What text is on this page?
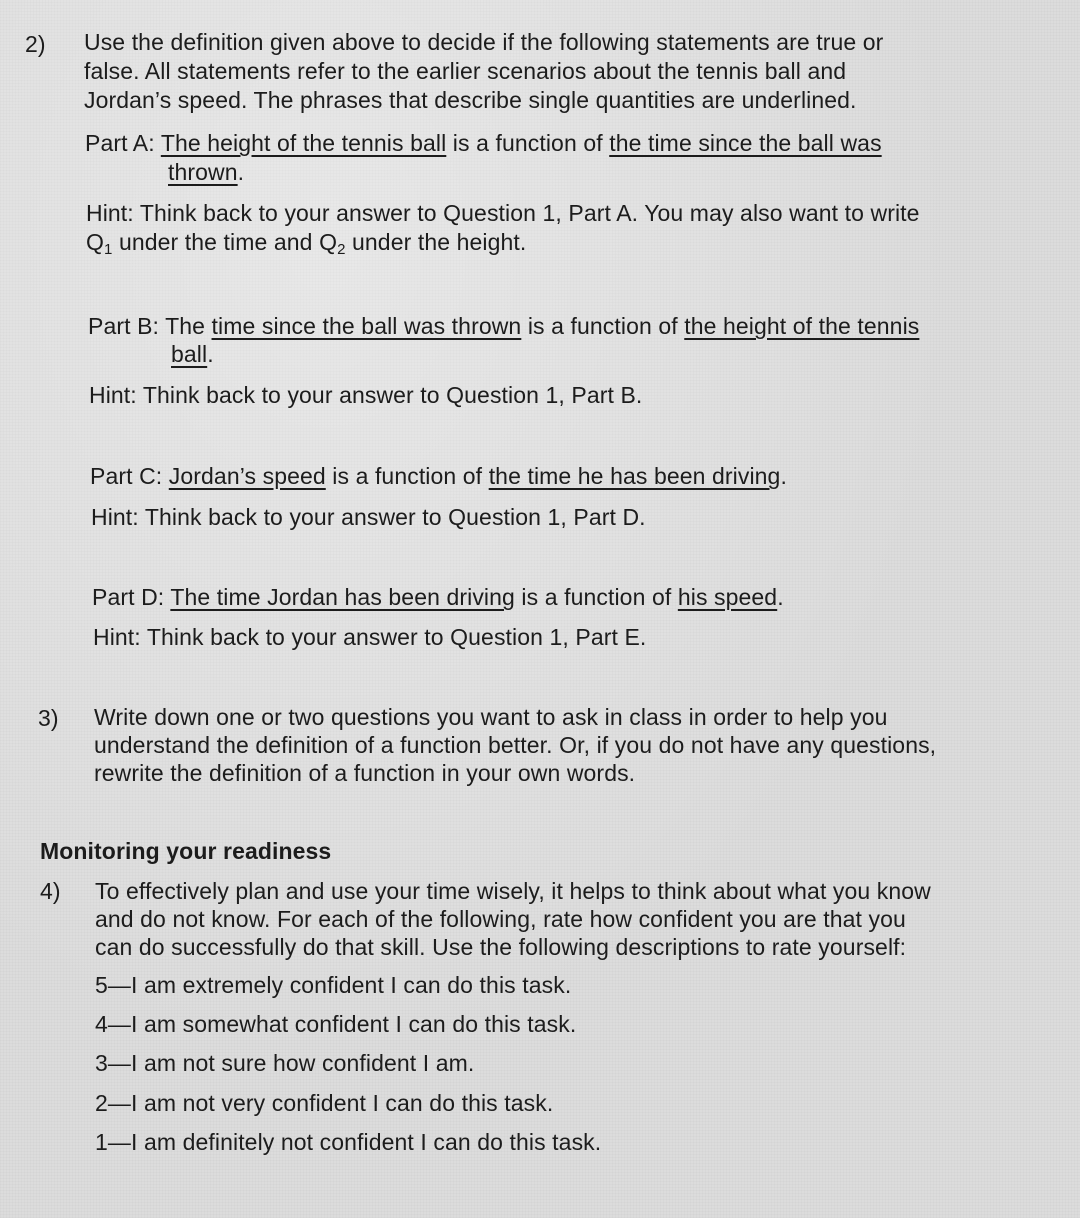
2) Use the definition given above to decide if the following statements are true or
false. All statements refer to the earlier scenarios about the tennis ball and
Jordan’s speed. The phrases that describe single quantities are underlined.
Part A: The height of the tennis ball is a function of the time since the ball was
thrown.
Hint: Think back to your answer to Question 1, Part A. You may also want to write
$Q_1$ under the time and $Q_2$ under the height.
Part B: The time since the ball was thrown is a function of the height of the tennis
ball.
Hint: Think back to your answer to Question 1, Part B.
Part C: Jordan’s speed is a function of the time he has been driving.
Hint: Think back to your answer to Question 1, Part D.
Part D: The time Jordan has been driving is a function of his speed.
Hint: Think back to your answer to Question 1, Part E.
3) Write down one or two questions you want to ask in class in order to help you
understand the definition of a function better. Or, if you do not have any questions,
rewrite the definition of a function in your own words.
Monitoring your readiness
4) To effectively plan and use your time wisely, it helps to think about what you know
and do not know. For each of the following, rate how confident you are that you
can do successfully do that skill. Use the following descriptions to rate yourself:
5—I am extremely confident I can do this task.
4—I am somewhat confident I can do this task.
3—I am not sure how confident I am.
2—I am not very confident I can do this task.
1—I am definitely not confident I can do this task.
